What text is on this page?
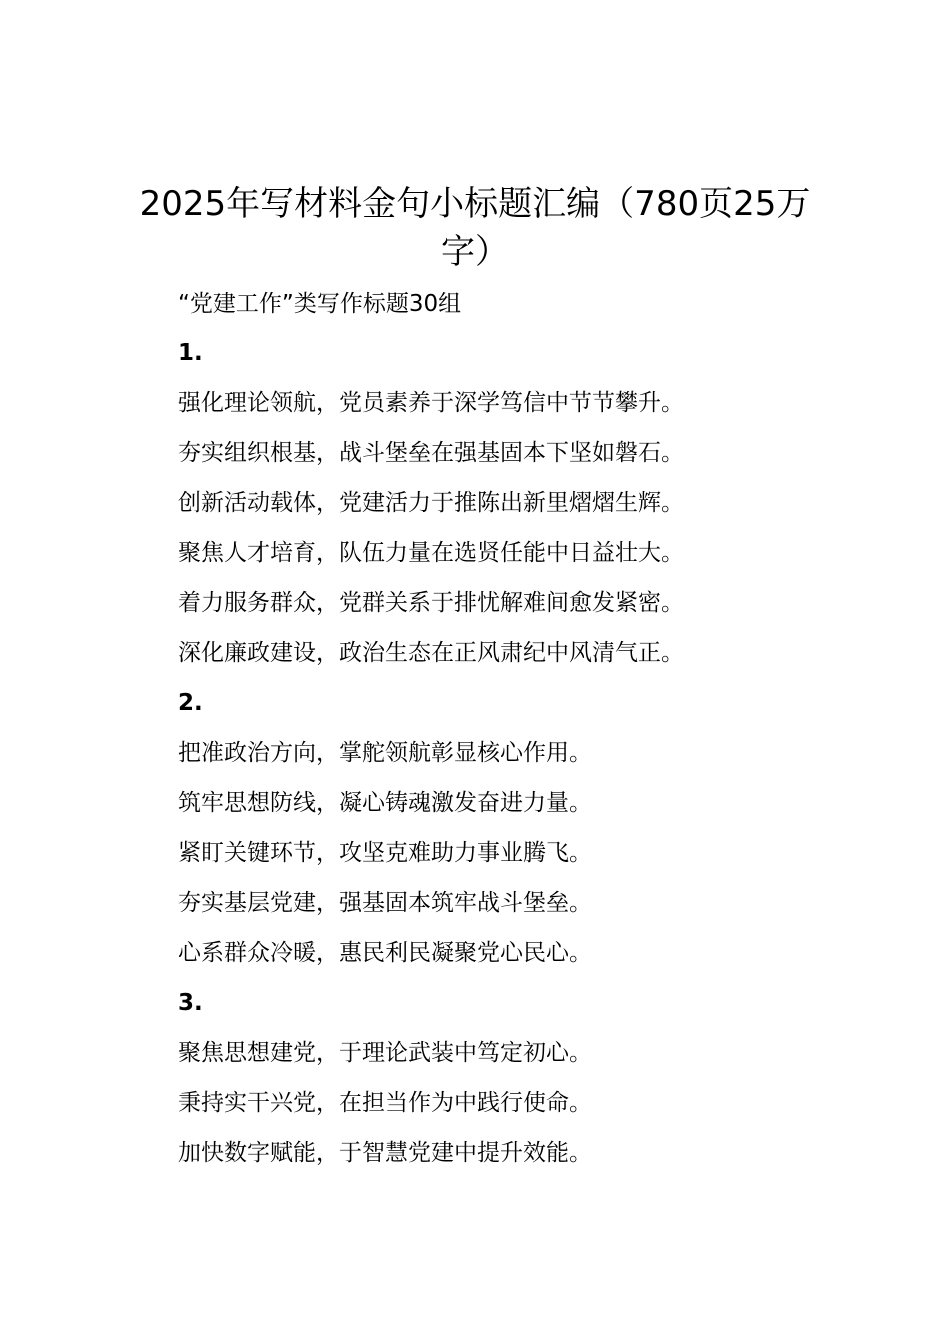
2025年写材料金句小标题汇编（780页25万字）
“党建工作”类写作标题30组
1.
强化理论领航，党员素养于深学笃信中节节攀升。
夯实组织根基，战斗堡垒在强基固本下坚如磐石。
创新活动载体，党建活力于推陈出新里熠熠生辉。
聚焦人才培育，队伍力量在选贤任能中日益壮大。
着力服务群众，党群关系于排忧解难间愈发紧密。
深化廉政建设，政治生态在正风肃纪中风清气正。
2.
把准政治方向，掌舵领航彰显核心作用。
筑牢思想防线，凝心铸魂激发奋进力量。
紧盯关键环节，攻坚克难助力事业腾飞。
夯实基层党建，强基固本筑牢战斗堡垒。
心系群众冷暖，惠民利民凝聚党心民心。
3.
聚焦思想建党，于理论武装中笃定初心。
秉持实干兴党，在担当作为中践行使命。
加快数字赋能，于智慧党建中提升效能。
